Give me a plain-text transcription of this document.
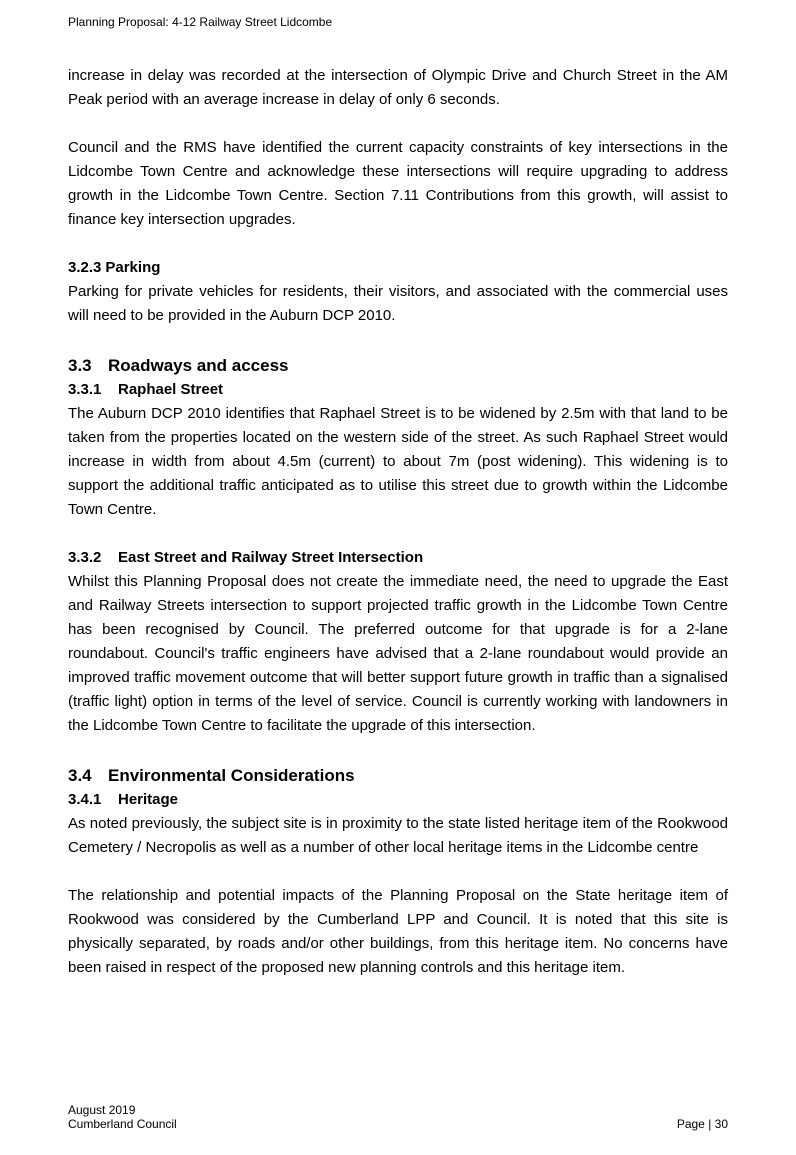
Planning Proposal: 4-12 Railway Street Lidcombe

increase in delay was recorded at the intersection of Olympic Drive and Church Street in the AM Peak period with an average increase in delay of only 6 seconds.

Council and the RMS have identified the current capacity constraints of key intersections in the Lidcombe Town Centre and acknowledge these intersections will require upgrading to address growth in the Lidcombe Town Centre. Section 7.11 Contributions from this growth, will assist to finance key intersection upgrades.

3.2.3 Parking

Parking for private vehicles for residents, their visitors, and associated with the commercial uses will need to be provided in the Auburn DCP 2010.

3.3 Roadways and access
3.3.1 Raphael Street

The Auburn DCP 2010 identifies that Raphael Street is to be widened by 2.5m with that land to be taken from the properties located on the western side of the street. As such Raphael Street would increase in width from about 4.5m (current) to about 7m (post widening). This widening is to support the additional traffic anticipated as to utilise this street due to growth within the Lidcombe Town Centre.

3.3.2 East Street and Railway Street Intersection

Whilst this Planning Proposal does not create the immediate need, the need to upgrade the East and Railway Streets intersection to support projected traffic growth in the Lidcombe Town Centre has been recognised by Council. The preferred outcome for that upgrade is for a 2-lane roundabout. Council's traffic engineers have advised that a 2-lane roundabout would provide an improved traffic movement outcome that will better support future growth in traffic than a signalised (traffic light) option in terms of the level of service. Council is currently working with landowners in the Lidcombe Town Centre to facilitate the upgrade of this intersection.

3.4 Environmental Considerations
3.4.1 Heritage

As noted previously, the subject site is in proximity to the state listed heritage item of the Rookwood Cemetery / Necropolis as well as a number of other local heritage items in the Lidcombe centre

The relationship and potential impacts of the Planning Proposal on the State heritage item of Rookwood was considered by the Cumberland LPP and Council. It is noted that this site is physically separated, by roads and/or other buildings, from this heritage item. No concerns have been raised in respect of the proposed new planning controls and this heritage item.

August 2019
Cumberland Council	Page | 30
